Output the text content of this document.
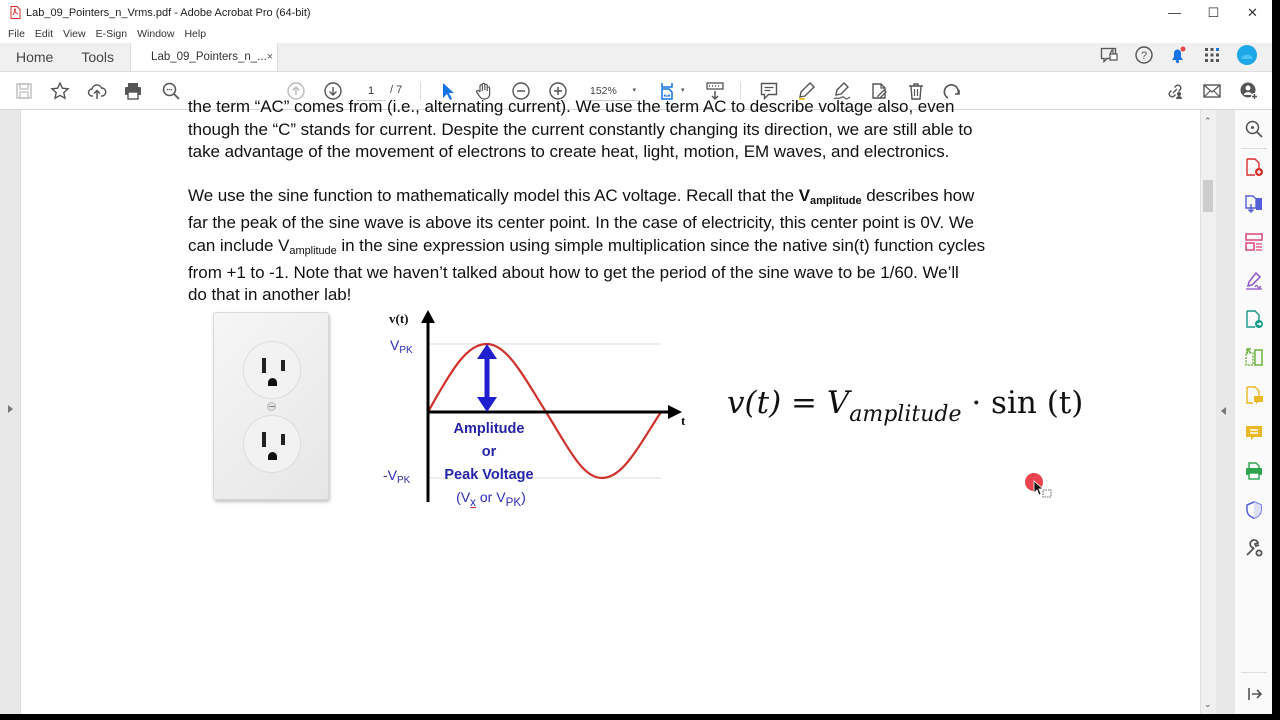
Lab_09_Pointers_n_Vrms.pdf - Adobe Acrobat Pro (64-bit)	—	☐	✕
File Edit View E-Sign Window Help
Home	Tools	Lab_09_Pointers_n_... ×	?
1	/ 7	152% ▾	▾
the term “AC” comes from (i.e., alternating current). We use the term AC to describe voltage also, even
though the “C” stands for current. Despite the current constantly changing its direction, we are still able to
take advantage of the movement of electrons to create heat, light, motion, EM waves, and electronics.
We use the sine function to mathematically model this AC voltage. Recall that the $V_{amplitude}$ describes how
far the peak of the sine wave is above its center point. In the case of electricity, this center point is 0V. We
can include $V_{amplitude}$ in the sine expression using simple multiplication since the native sin(t) function cycles
from +1 to -1. Note that we haven’t talked about how to get the period of the sine wave to be 1/60. We’ll
do that in another lab!
v(t)
t
$V_{PK}$
$-V_{PK}$
Amplitude
or
Peak Voltage
($V_x$ or $V_{PK}$)
$v(t) = V_{amplitude} \cdot \sin (t)$
⌃
⌄
